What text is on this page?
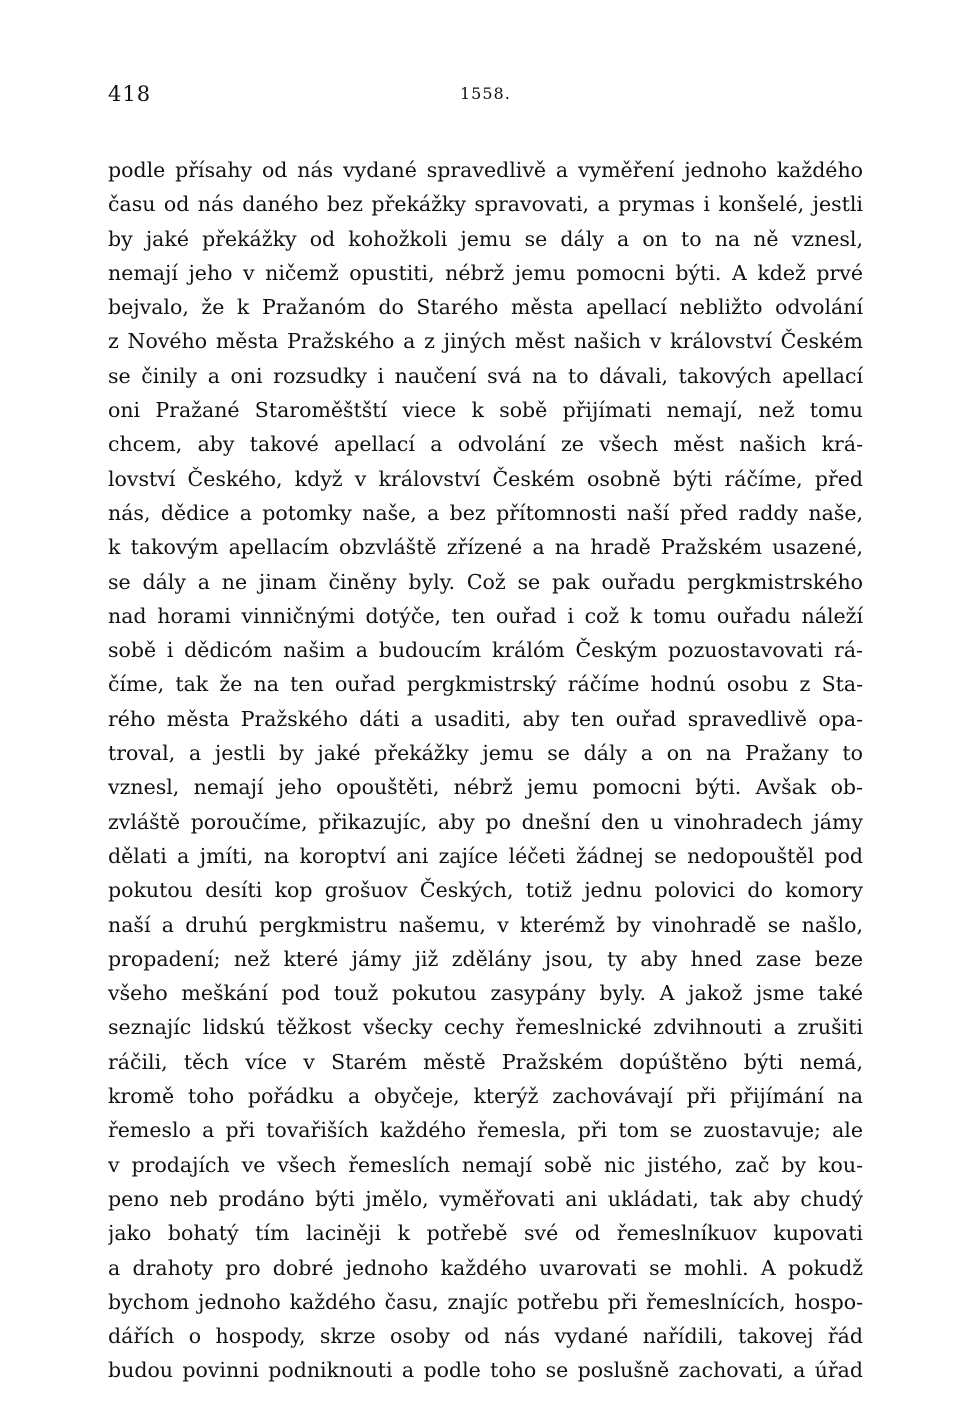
418	1558.
podle přísahy od nás vydané spravedlivě a vyměření jednoho každého
času od nás daného bez překážky spravovati, a prymas i konšelé, jestli
by jaké překážky od kohožkoli jemu se dály a on to na ně vznesl,
nemají jeho v ničemž opustiti, nébrž jemu pomocni býti. A kdež prvé
bejvalo, že k Pražanóm do Starého města apellací nebližto odvolání
z Nového města Pražského a z jiných měst našich v království Českém
se činily a oni rozsudky i naučení svá na to dávali, takových apellací
oni Pražané Staroměštští viece k sobě přijímati nemají, než tomu
chcem, aby takové apellací a odvolání ze všech měst našich krá-
lovství Českého, když v království Českém osobně býti ráčíme, před
nás, dědice a potomky naše, a bez přítomnosti naší před raddy naše,
k takovým apellacím obzvláště zřízené a na hradě Pražském usazené,
se dály a ne jinam činěny byly. Což se pak ouřadu pergkmistrského
nad horami vinničnými dotýče, ten ouřad i což k tomu ouřadu náleží
sobě i dědicóm našim a budoucím králóm Českým pozuostavovati rá-
číme, tak že na ten ouřad pergkmistrský ráčíme hodnú osobu z Sta-
rého města Pražského dáti a usaditi, aby ten ouřad spravedlivě opa-
troval, a jestli by jaké překážky jemu se dály a on na Pražany to
vznesl, nemají jeho opouštěti, nébrž jemu pomocni býti. Avšak ob-
zvláště poroučíme, přikazujíc, aby po dnešní den u vinohradech jámy
dělati a jmíti, na koroptví ani zajíce léčeti žádnej se nedopouštěl pod
pokutou desíti kop grošuov Českých, totiž jednu polovici do komory
naší a druhú pergkmistru našemu, v kterémž by vinohradě se našlo,
propadení; než které jámy již zdělány jsou, ty aby hned zase beze
všeho meškání pod touž pokutou zasypány byly. A jakož jsme také
seznajíc lidskú těžkost všecky cechy řemeslnické zdvihnouti a zrušiti
ráčili, těch více v Starém městě Pražském dopúštěno býti nemá,
kromě toho pořádku a obyčeje, kterýž zachovávají při přijímání na
řemeslo a při tovařiších každého řemesla, při tom se zuostavuje; ale
v prodajích ve všech řemeslích nemají sobě nic jistého, zač by kou-
peno neb prodáno býti jmělo, vyměřovati ani ukládati, tak aby chudý
jako bohatý tím laciněji k potřebě své od řemeslníkuov kupovati
a drahoty pro dobré jednoho každého uvarovati se mohli. A pokudž
bychom jednoho každého času, znajíc potřebu při řemeslnících, hospo-
dářích o hospody, skrze osoby od nás vydané nařídili, takovej řád
budou povinni podniknouti a podle toho se poslušně zachovati, a úřad
